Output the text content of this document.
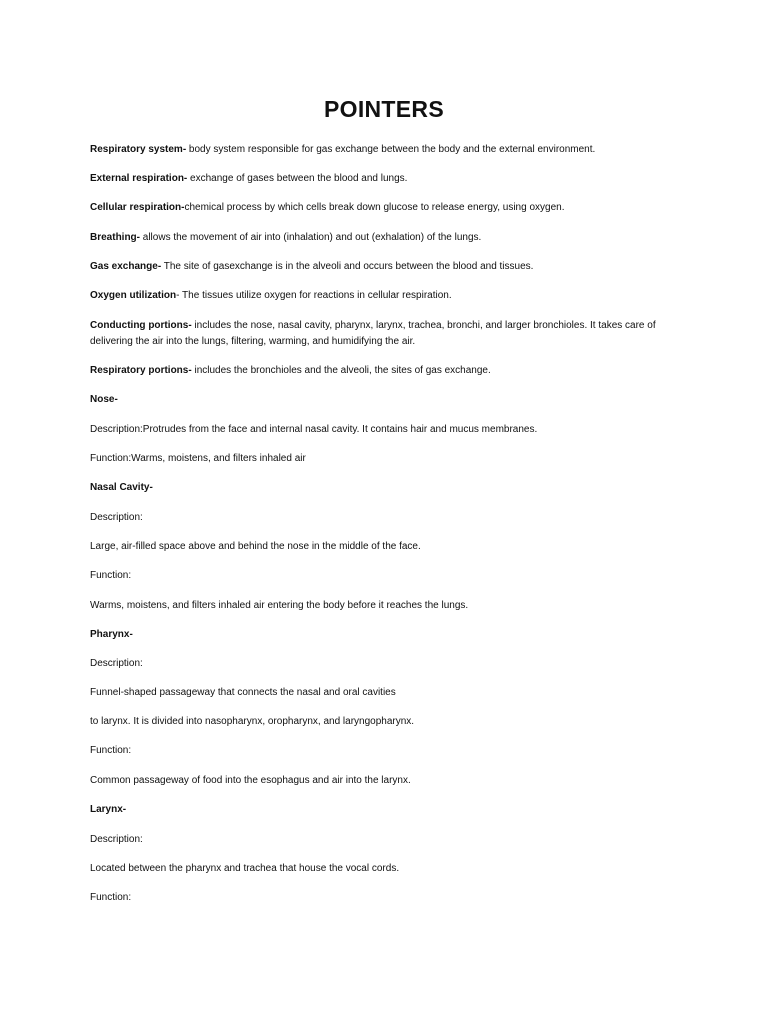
POINTERS

Respiratory system- body system responsible for gas exchange between the body and the external environment.

External respiration- exchange of gases between the blood and lungs.

Cellular respiration-chemical process by which cells break down glucose to release energy, using oxygen.

Breathing- allows the movement of air into (inhalation) and out (exhalation) of the lungs.

Gas exchange- The site of gasexchange is in the alveoli and occurs between the blood and tissues.

Oxygen utilization- The tissues utilize oxygen for reactions in cellular respiration.

Conducting portions- includes the nose, nasal cavity, pharynx, larynx, trachea, bronchi, and larger bronchioles. It takes care of delivering the air into the lungs, filtering, warming, and humidifying the air.

Respiratory portions- includes the bronchioles and the alveoli, the sites of gas exchange.

Nose-

Description:Protrudes from the face and internal nasal cavity. It contains hair and mucus membranes.

Function:Warms, moistens, and filters inhaled air

Nasal Cavity-

Description:

Large, air-filled space above and behind the nose in the middle of the face.

Function:

Warms, moistens, and filters inhaled air entering the body before it reaches the lungs.

Pharynx-

Description:

Funnel-shaped passageway that connects the nasal and oral cavities

to larynx. It is divided into nasopharynx, oropharynx, and laryngopharynx.

Function:

Common passageway of food into the esophagus and air into the larynx.

Larynx-

Description:

Located between the pharynx and trachea that house the vocal cords.

Function:
